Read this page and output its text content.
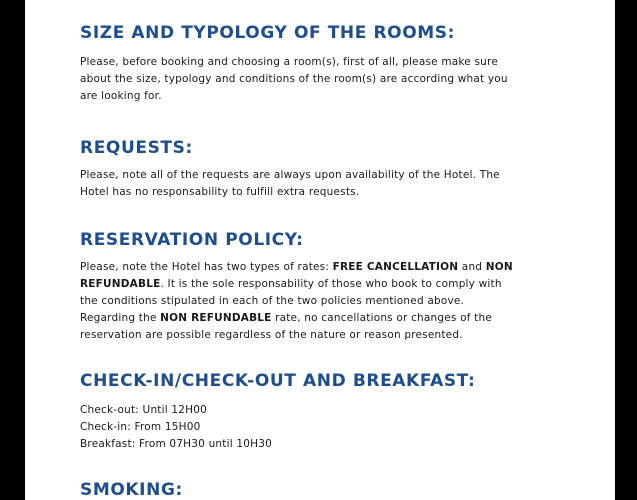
SIZE AND TYPOLOGY OF THE ROOMS:

Please, before booking and choosing a room(s), first of all, please make sure
about the size, typology and conditions of the room(s) are according what you
are looking for.

REQUESTS:

Please, note all of the requests are always upon availability of the Hotel. The
Hotel has no responsability to fulfill extra requests.

RESERVATION POLICY:

Please, note the Hotel has two types of rates: FREE CANCELLATION and NON
REFUNDABLE. It is the sole responsability of those who book to comply with
the conditions stipulated in each of the two policies mentioned above.
Regarding the NON REFUNDABLE rate, no cancellations or changes of the
reservation are possible regardless of the nature or reason presented.

CHECK-IN/CHECK-OUT AND BREAKFAST:

Check-out: Until 12H00
Check-in: From 15H00
Breakfast: From 07H30 until 10H30

SMOKING:
